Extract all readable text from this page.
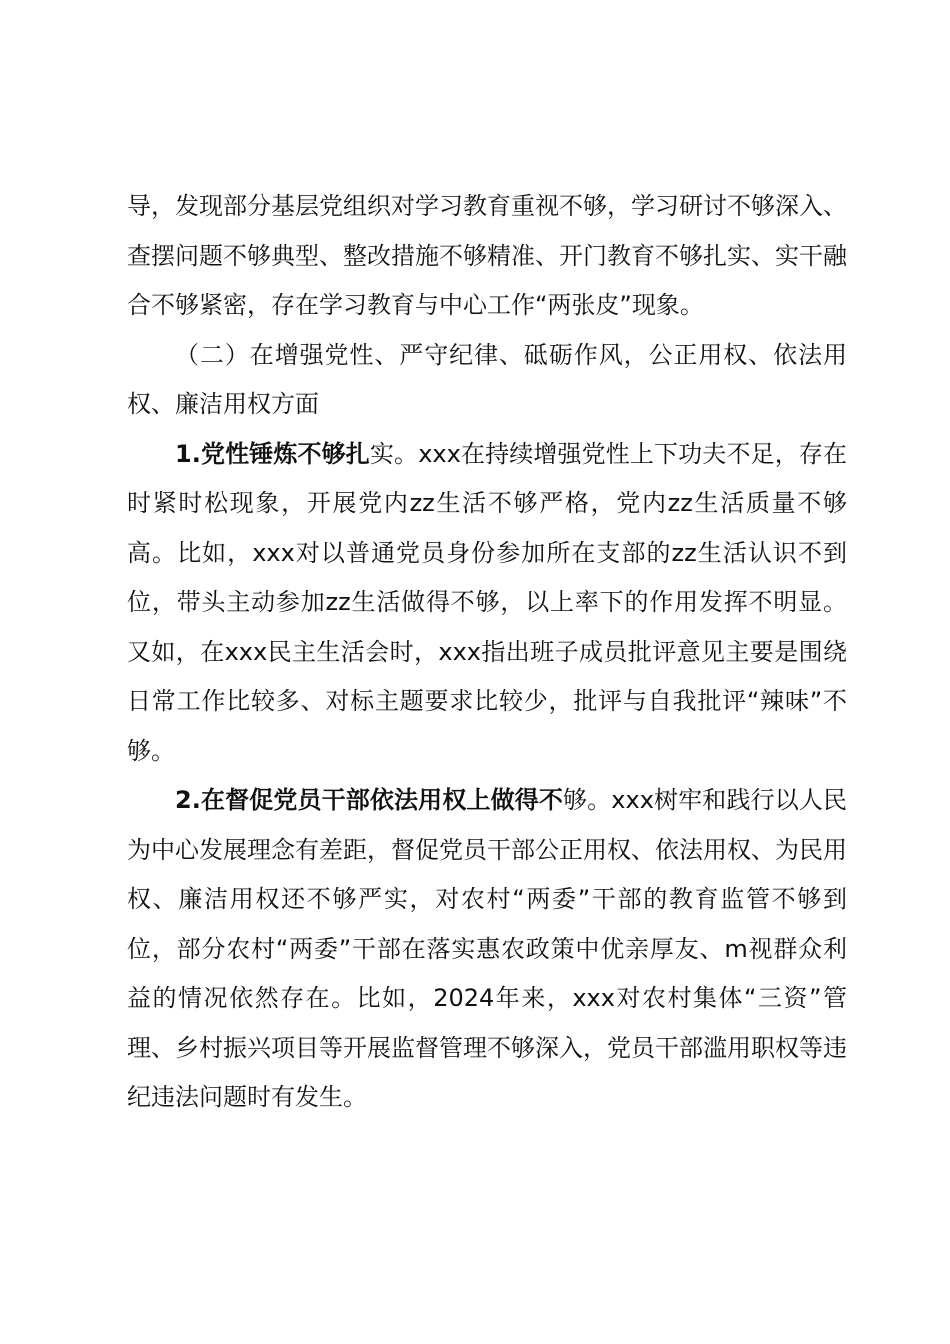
导，发现部分基层党组织对学习教育重视不够，学习研讨不够深入、查摆问题不够典型、整改措施不够精准、开门教育不够扎实、实干融合不够紧密，存在学习教育与中心工作“两张皮”现象。

（二）在增强党性、严守纪律、砥砺作风，公正用权、依法用权、廉洁用权方面

1.党性锤炼不够扎实。xxx在持续增强党性上下功夫不足，存在时紧时松现象，开展党内zz生活不够严格，党内zz生活质量不够高。比如，xxx对以普通党员身份参加所在支部的zz生活认识不到位，带头主动参加zz生活做得不够，以上率下的作用发挥不明显。又如，在xxx民主生活会时，xxx指出班子成员批评意见主要是围绕日常工作比较多、对标主题要求比较少，批评与自我批评“辣味”不够。

2.在督促党员干部依法用权上做得不够。xxx树牢和践行以人民为中心发展理念有差距，督促党员干部公正用权、依法用权、为民用权、廉洁用权还不够严实，对农村“两委”干部的教育监管不够到位，部分农村“两委”干部在落实惠农政策中优亲厚友、m视群众利益的情况依然存在。比如，2024年来，xxx对农村集体“三资”管理、乡村振兴项目等开展监督管理不够深入，党员干部滥用职权等违纪违法问题时有发生。
